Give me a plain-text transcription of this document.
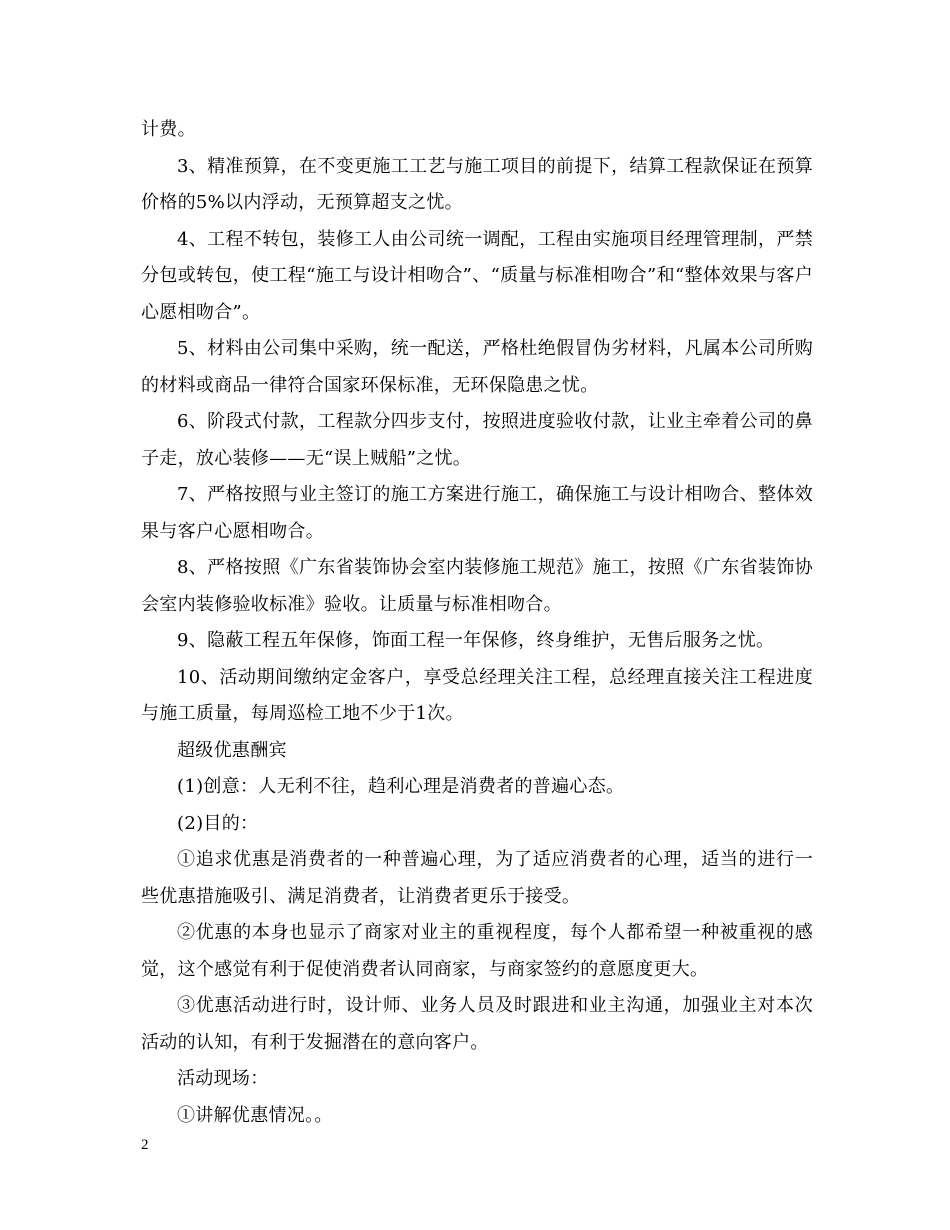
计费。

3、精准预算，在不变更施工工艺与施工项目的前提下，结算工程款保证在预算价格的5%以内浮动，无预算超支之忧。

4、工程不转包，装修工人由公司统一调配，工程由实施项目经理管理制，严禁分包或转包，使工程“施工与设计相吻合”、“质量与标准相吻合”和“整体效果与客户心愿相吻合”。

5、材料由公司集中采购，统一配送，严格杜绝假冒伪劣材料，凡属本公司所购的材料或商品一律符合国家环保标准，无环保隐患之忧。

6、阶段式付款，工程款分四步支付，按照进度验收付款，让业主牵着公司的鼻子走，放心装修——无“误上贼船”之忧。

7、严格按照与业主签订的施工方案进行施工，确保施工与设计相吻合、整体效果与客户心愿相吻合。

8、严格按照《广东省装饰协会室内装修施工规范》施工，按照《广东省装饰协会室内装修验收标准》验收。让质量与标准相吻合。

9、隐蔽工程五年保修，饰面工程一年保修，终身维护，无售后服务之忧。

10、活动期间缴纳定金客户，享受总经理关注工程，总经理直接关注工程进度与施工质量，每周巡检工地不少于1次。

超级优惠酬宾

(1)创意：人无利不往，趋利心理是消费者的普遍心态。

(2)目的：

①追求优惠是消费者的一种普遍心理，为了适应消费者的心理，适当的进行一些优惠措施吸引、满足消费者，让消费者更乐于接受。

②优惠的本身也显示了商家对业主的重视程度，每个人都希望一种被重视的感觉，这个感觉有利于促使消费者认同商家，与商家签约的意愿度更大。

③优惠活动进行时，设计师、业务人员及时跟进和业主沟通，加强业主对本次活动的认知，有利于发掘潜在的意向客户。

活动现场：

①讲解优惠情况。。

2
